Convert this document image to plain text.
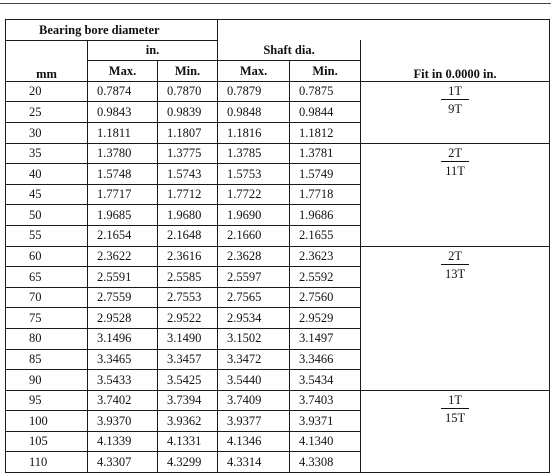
Bearing bore diameter					
	in.		Shaft dia.		
mm	Max.	Min.	Max.	Min.	Fit in 0.0000 in.
20	0.7874	0.7870	0.7879	0.7875	$\frac{1T}{9T}$

25	0.9843	0.9839	0.9848	0.9844	
30	1.1811	1.1807	1.1816	1.1812	
35	1.3780	1.3775	1.3785	1.3781	$\frac{2T}{11T}$

40	1.5748	1.5743	1.5753	1.5749	
45	1.7717	1.7712	1.7722	1.7718	
50	1.9685	1.9680	1.9690	1.9686	
55	2.1654	2.1648	2.1660	2.1655	
60	2.3622	2.3616	2.3628	2.3623	$\frac{2T}{13T}$

65	2.5591	2.5585	2.5597	2.5592	
70	2.7559	2.7553	2.7565	2.7560	
75	2.9528	2.9522	2.9534	2.9529	
80	3.1496	3.1490	3.1502	3.1497	
85	3.3465	3.3457	3.3472	3.3466	
90	3.5433	3.5425	3.5440	3.5434	
95	3.7402	3.7394	3.7409	3.7403	$\frac{1T}{15T}$

100	3.9370	3.9362	3.9377	3.9371	
105	4.1339	4.1331	4.1346	4.1340	
110	4.3307	4.3299	4.3314	4.3308	
